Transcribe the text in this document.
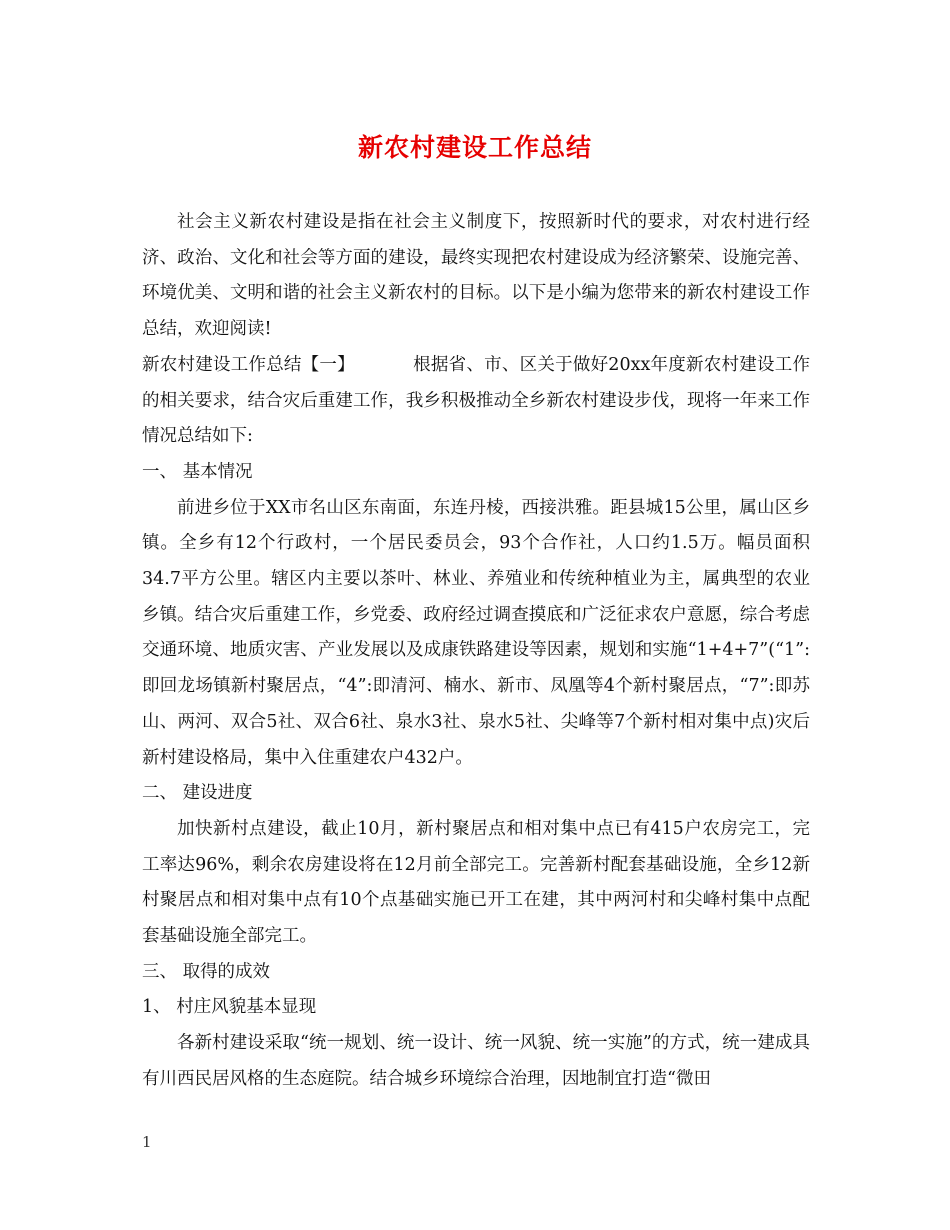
新农村建设工作总结

社会主义新农村建设是指在社会主义制度下，按照新时代的要求，对农村进行经济、政治、文化和社会等方面的建设，最终实现把农村建设成为经济繁荣、设施完善、环境优美、文明和谐的社会主义新农村的目标。以下是小编为您带来的新农村建设工作总结，欢迎阅读!

新农村建设工作总结【一】	根据省、市、区关于做好20xx年度新农村建设工作的相关要求，结合灾后重建工作，我乡积极推动全乡新农村建设步伐，现将一年来工作情况总结如下:

一、 基本情况

前进乡位于XX市名山区东南面，东连丹棱，西接洪雅。距县城15公里，属山区乡镇。全乡有12个行政村，一个居民委员会，93个合作社，人口约1.5万。幅员面积34.7平方公里。辖区内主要以茶叶、林业、养殖业和传统种植业为主，属典型的农业乡镇。结合灾后重建工作，乡党委、政府经过调查摸底和广泛征求农户意愿，综合考虑交通环境、地质灾害、产业发展以及成康铁路建设等因素，规划和实施“1+4+7”(“1”:即回龙场镇新村聚居点，“4”:即清河、楠水、新市、凤凰等4个新村聚居点，“7”:即苏山、两河、双合5社、双合6社、泉水3社、泉水5社、尖峰等7个新村相对集中点)灾后新村建设格局，集中入住重建农户432户。

二、 建设进度

加快新村点建设，截止10月，新村聚居点和相对集中点已有415户农房完工，完工率达96%，剩余农房建设将在12月前全部完工。完善新村配套基础设施，全乡12新村聚居点和相对集中点有10个点基础实施已开工在建，其中两河村和尖峰村集中点配套基础设施全部完工。

三、 取得的成效

1、 村庄风貌基本显现

各新村建设采取“统一规划、统一设计、统一风貌、统一实施”的方式，统一建成具有川西民居风格的生态庭院。结合城乡环境综合治理，因地制宜打造“微田

1
